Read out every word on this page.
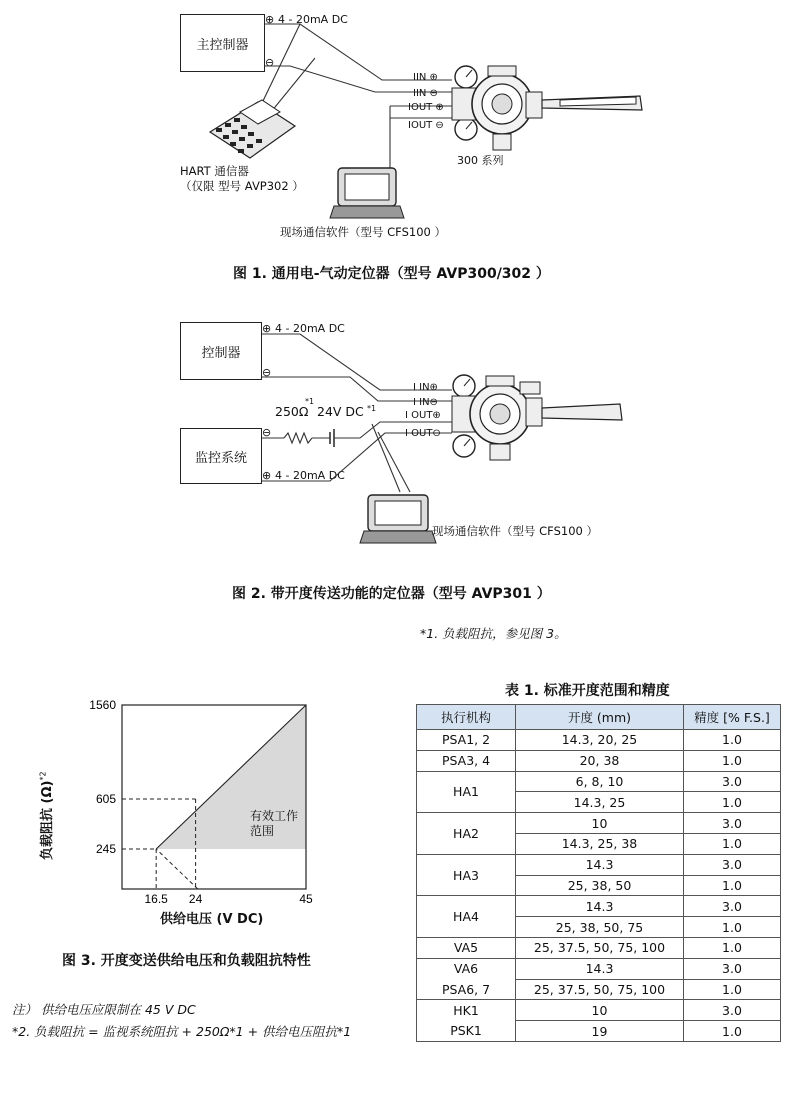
主控制器
⊕ 4 - 20mA DC
⊖
IIN ⊕
IIN ⊖
IOUT ⊕
IOUT ⊖
300 系列
HART 通信器
（仅限 型号 AVP302 ）
现场通信软件（型号 CFS100 ）
图 1. 通用电-气动定位器（型号 AVP300/302 ）
控制器
监控系统
⊕ 4 - 20mA DC
⊖
⊖
⊕ 4 - 20mA DC
250Ω
*1
24V DC *1
I IN⊕
I IN⊖
I OUT⊕
I OUT⊖
现场通信软件（型号 CFS100 ）
图 2. 带开度传送功能的定位器（型号 AVP301 ）
*1. 负载阻抗，参见图 3。
1560
605
245
16.5 24	45
有效工作
范围
负载阻抗 $(\Omega)^{*2}$
供给电压 (V DC)
图 3. 开度变送供给电压和负载阻抗特性
注） 供给电压应限制在 45 V DC
*2. 负载阻抗 = 监视系统阻抗 + 250Ω*1 + 供给电压阻抗*1
表 1. 标准开度范围和精度
执行机构	开度 (mm)	精度 [% F.S.]
PSA1, 2	14.3, 20, 25	1.0
PSA3, 4	20, 38	1.0
HA1	6, 8, 10	3.0
	14.3, 25	1.0
HA2	10	3.0
	14.3, 25, 38	1.0
HA3	14.3	3.0
	25, 38, 50	1.0
HA4	14.3	3.0
	25, 38, 50, 75	1.0
VA5	25, 37.5, 50, 75, 100	1.0
VA6	14.3	3.0
PSA6, 7	25, 37.5, 50, 75, 100	1.0
HK1	10	3.0
PSK1	19	1.0
